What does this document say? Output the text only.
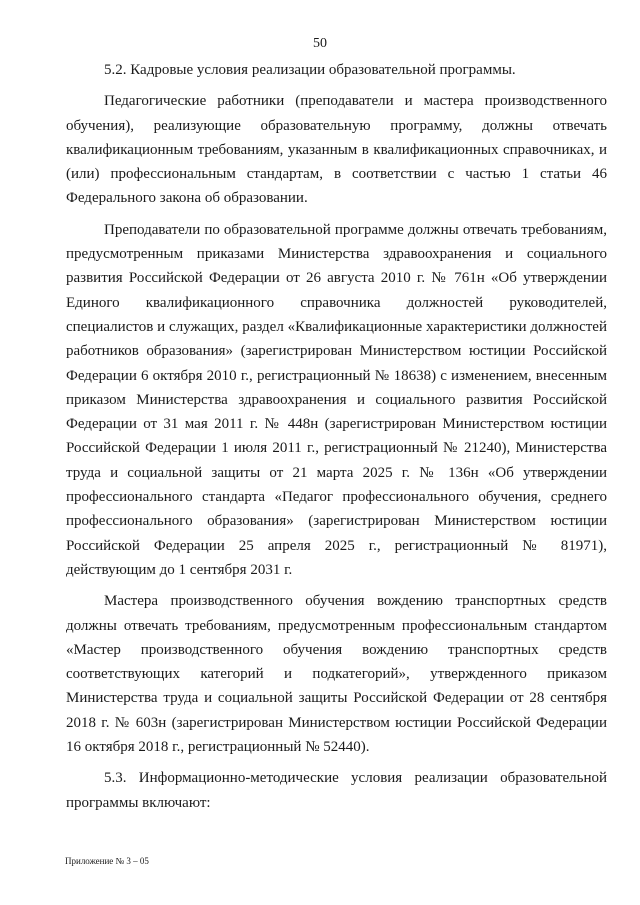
50

5.2. Кадровые условия реализации образовательной программы.

Педагогические работники (преподаватели и мастера производственного обучения), реализующие образовательную программу, должны отвечать квалификационным требованиям, указанным в квалификационных справочниках, и (или) профессиональным стандартам, в соответствии с частью 1 статьи 46 Федерального закона об образовании.

Преподаватели по образовательной программе должны отвечать требованиям, предусмотренным приказами Министерства здравоохранения и социального развития Российской Федерации от 26 августа 2010 г. № 761н «Об утверждении Единого квалификационного справочника должностей руководителей, специалистов и служащих, раздел «Квалификационные характеристики должностей работников образования» (зарегистрирован Министерством юстиции Российской Федерации 6 октября 2010 г., регистрационный № 18638) с изменением, внесенным приказом Министерства здравоохранения и социального развития Российской Федерации от 31 мая 2011 г. № 448н (зарегистрирован Министерством юстиции Российской Федерации 1 июля 2011 г., регистрационный № 21240), Министерства труда и социальной защиты от 21 марта 2025 г. № 136н «Об утверждении профессионального стандарта «Педагог профессионального обучения, среднего профессионального образования» (зарегистрирован Министерством юстиции Российской Федерации 25 апреля 2025 г., регистрационный № 81971), действующим до 1 сентября 2031 г.

Мастера производственного обучения вождению транспортных средств должны отвечать требованиям, предусмотренным профессиональным стандартом «Мастер производственного обучения вождению транспортных средств соответствующих категорий и подкатегорий», утвержденного приказом Министерства труда и социальной защиты Российской Федерации от 28 сентября 2018 г. № 603н (зарегистрирован Министерством юстиции Российской Федерации 16 октября 2018 г., регистрационный № 52440).

5.3. Информационно-методические условия реализации образовательной программы включают:

Приложение № 3 – 05
